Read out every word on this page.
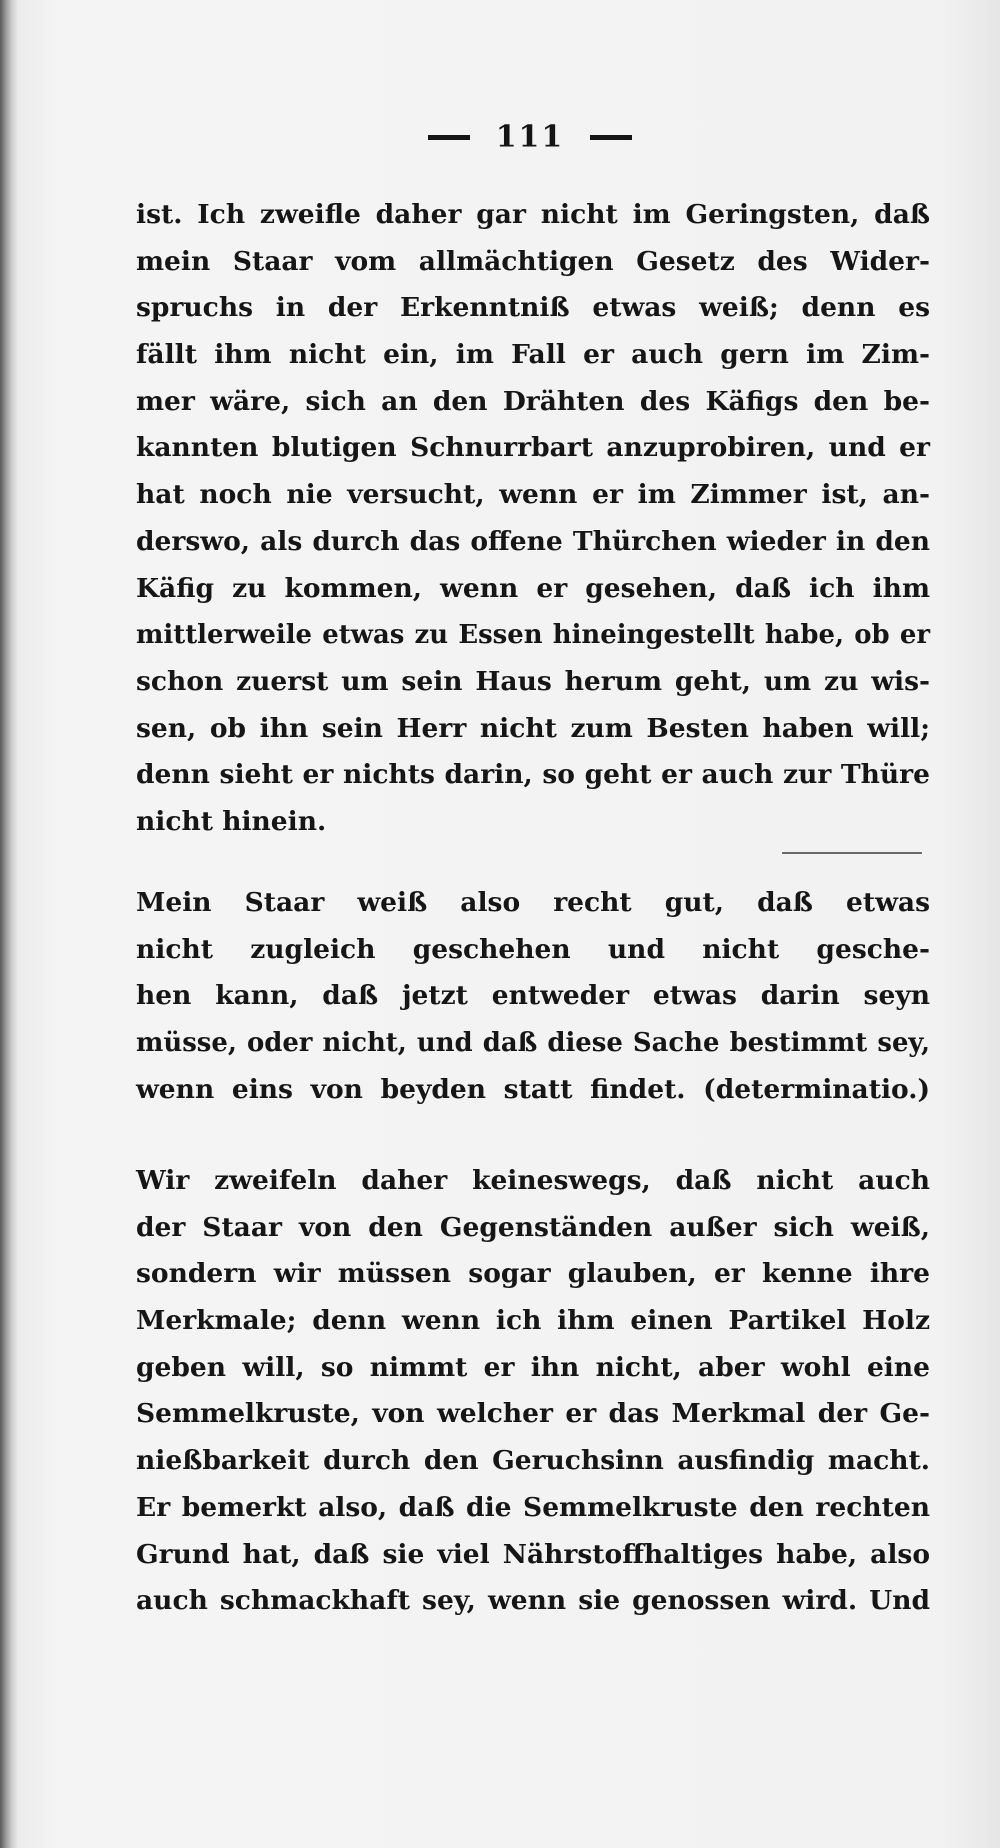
111
ist. Ich zweifle daher gar nicht im Geringsten, daß
mein Staar vom allmächtigen Gesetz des Wider-
spruchs in der Erkenntniß etwas weiß; denn es
fällt ihm nicht ein, im Fall er auch gern im Zim-
mer wäre, sich an den Drähten des Käfigs den be-
kannten blutigen Schnurrbart anzuprobiren, und er
hat noch nie versucht, wenn er im Zimmer ist, an-
derswo, als durch das offene Thürchen wieder in den
Käfig zu kommen, wenn er gesehen, daß ich ihm
mittlerweile etwas zu Essen hineingestellt habe, ob er
schon zuerst um sein Haus herum geht, um zu wis-
sen, ob ihn sein Herr nicht zum Besten haben will;
denn sieht er nichts darin, so geht er auch zur Thüre
nicht hinein.
Mein Staar weiß also recht gut, daß etwas
nicht zugleich geschehen und nicht gesche-
hen kann, daß jetzt entweder etwas darin seyn
müsse, oder nicht, und daß diese Sache bestimmt sey,
wenn eins von beyden statt findet. (determinatio.)
Wir zweifeln daher keineswegs, daß nicht auch
der Staar von den Gegenständen außer sich weiß,
sondern wir müssen sogar glauben, er kenne ihre
Merkmale; denn wenn ich ihm einen Partikel Holz
geben will, so nimmt er ihn nicht, aber wohl eine
Semmelkruste, von welcher er das Merkmal der Ge-
nießbarkeit durch den Geruchsinn ausfindig macht.
Er bemerkt also, daß die Semmelkruste den rechten
Grund hat, daß sie viel Nährstoffhaltiges habe, also
auch schmackhaft sey, wenn sie genossen wird. Und
